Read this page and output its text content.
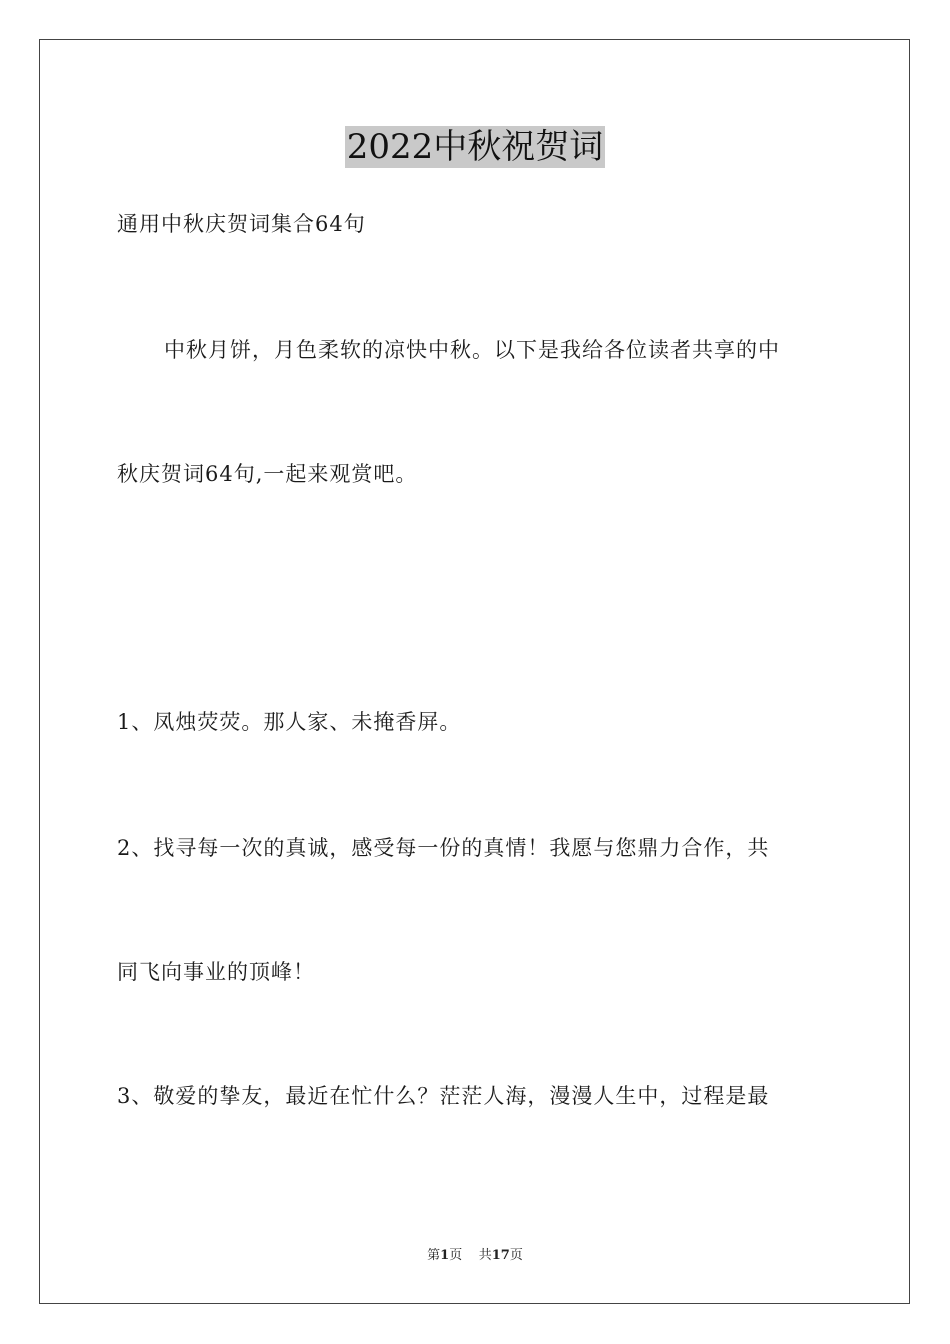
2022中秋祝贺词
通用中秋庆贺词集合64句
中秋月饼，月色柔软的凉快中秋。以下是我给各位读者共享的中
秋庆贺词64句,一起来观赏吧。
1、凤烛荧荧。那人家、未掩香屏。
2、找寻每一次的真诚，感受每一份的真情！我愿与您鼎力合作，共
同飞向事业的顶峰！
3、敬爱的挚友，最近在忙什么？茫茫人海，漫漫人生中，过程是最
第1页 共17页
